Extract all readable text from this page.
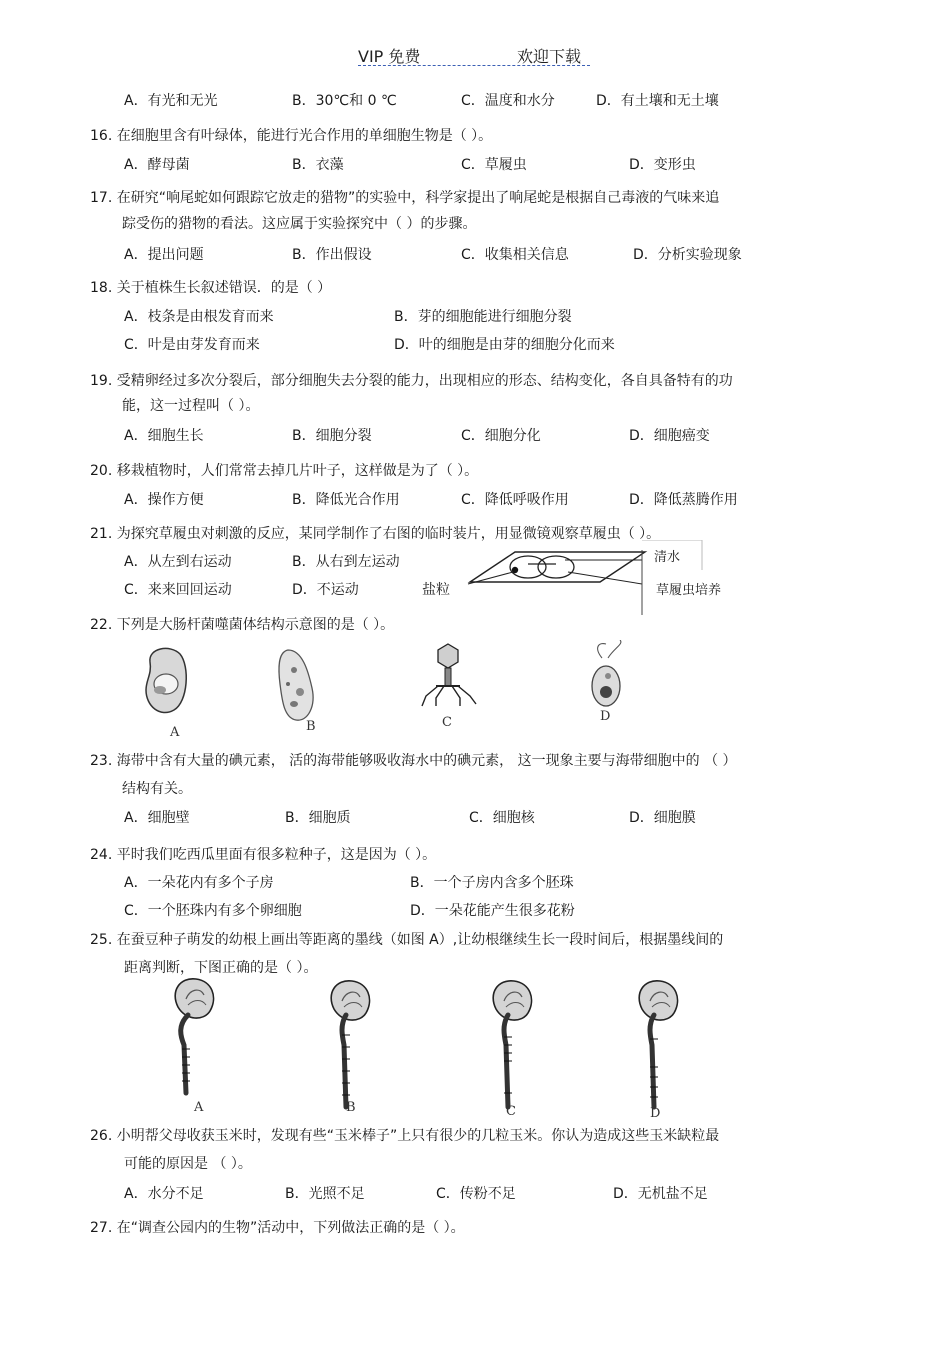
VIP 免费	欢迎下载
A．有光和无光	B．30℃和 0 ℃	C．温度和水分	D．有土壤和无土壤
16. 在细胞里含有叶绿体，能进行光合作用的单细胞生物是（ ）。
A．酵母菌	B．衣藻	C．草履虫	D．变形虫
17. 在研究“响尾蛇如何跟踪它放走的猎物”的实验中，科学家提出了响尾蛇是根据自己毒液的气味来追
踪受伤的猎物的看法。这应属于实验探究中（ ）的步骤。
A．提出问题	B．作出假设	C．收集相关信息	D．分析实验现象
18. 关于植株生长叙述错误．的是（ ）
A．枝条是由根发育而来	B．芽的细胞能进行细胞分裂
C．叶是由芽发育而来	D．叶的细胞是由芽的细胞分化而来
19. 受精卵经过多次分裂后，部分细胞失去分裂的能力，出现相应的形态、结构变化，各自具备特有的功
能，这一过程叫（ ）。
A．细胞生长	B．细胞分裂	C．细胞分化	D．细胞癌变
20. 移栽植物时，人们常常去掉几片叶子，这样做是为了（ ）。
A．操作方便	B．降低光合作用	C．降低呼吸作用	D．降低蒸腾作用
21. 为探究草履虫对刺激的反应，某同学制作了右图的临时装片，用显微镜观察草履虫（ ）。
A．从左到右运动	B．从右到左运动
C．来来回回运动	D．不运动	盐粒
清水
草履虫培养
22. 下列是大肠杆菌噬菌体结构示意图的是（ ）。
A	B	C	D
23. 海带中含有大量的碘元素， 活的海带能够吸收海水中的碘元素， 这一现象主要与海带细胞中的 （ ）
结构有关。
A．细胞壁	B．细胞质	C．细胞核	D．细胞膜
24. 平时我们吃西瓜里面有很多粒种子，这是因为（ ）。
A．一朵花内有多个子房	B．一个子房内含多个胚珠
C．一个胚珠内有多个卵细胞	D．一朵花能产生很多花粉
25. 在蚕豆种子萌发的幼根上画出等距离的墨线（如图 A）,让幼根继续生长一段时间后，根据墨线间的
距离判断，下图正确的是（ ）。
A	B	C	D
26. 小明帮父母收获玉米时，发现有些“玉米棒子”上只有很少的几粒玉米。你认为造成这些玉米缺粒最
可能的原因是 （ ）。
A．水分不足	B．光照不足	C．传粉不足	D．无机盐不足
27. 在“调查公园内的生物”活动中，下列做法正确的是（ ）。
